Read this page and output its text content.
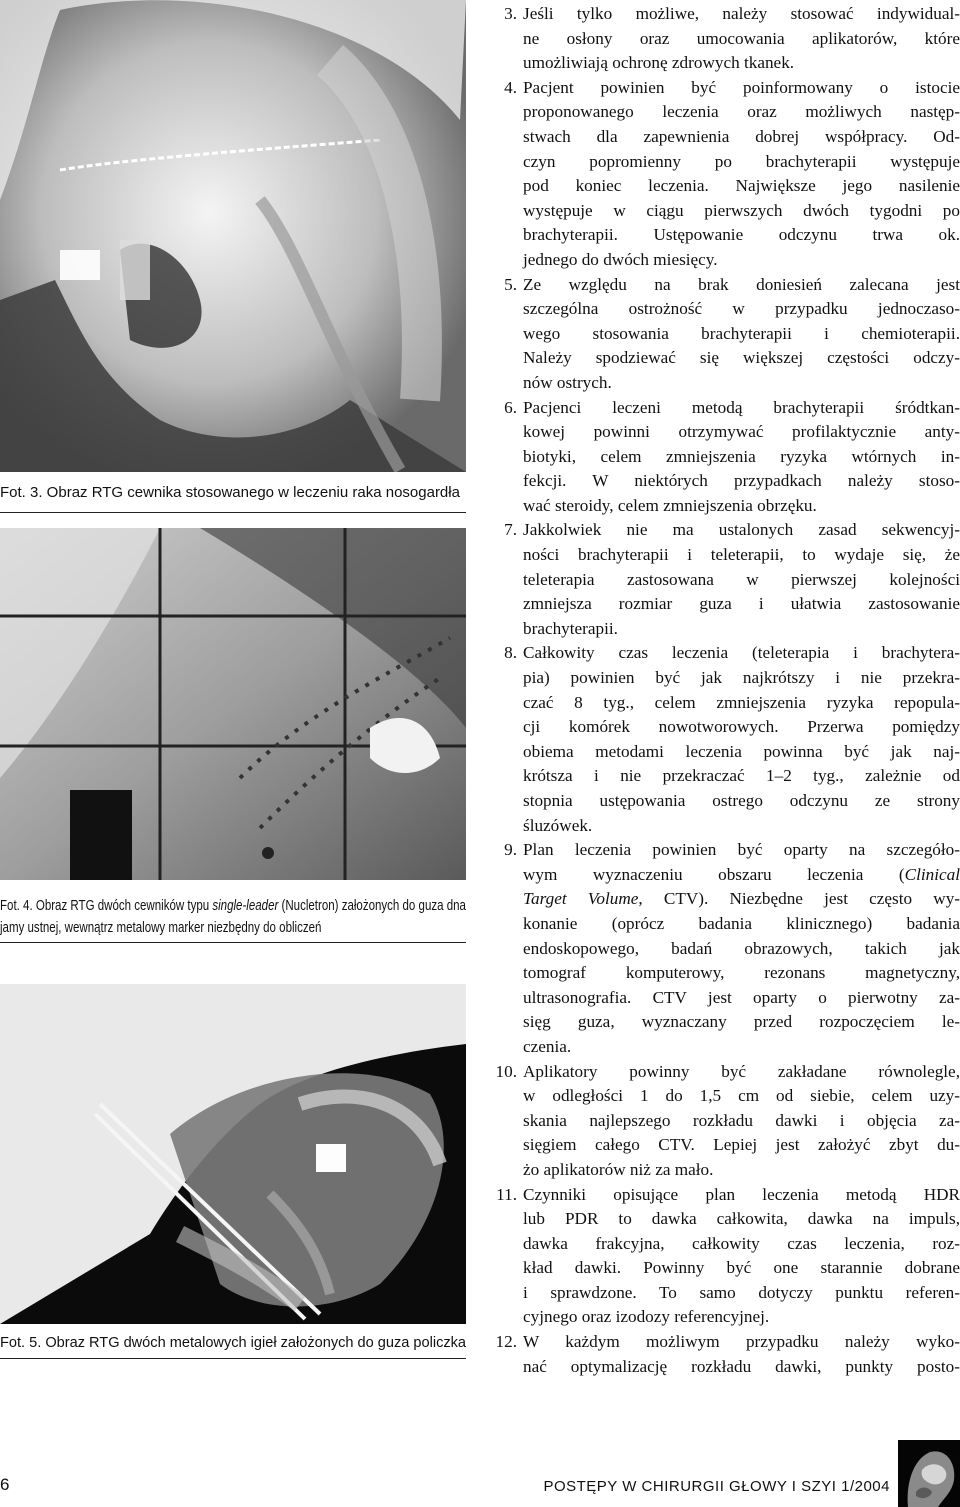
Fot. 3. Obraz RTG cewnika stosowanego w leczeniu raka nosogardła
Fot. 4. Obraz RTG dwóch cewników typu single-leader (Nucletron) założonych do guza dna
jamy ustnej, wewnątrz metalowy marker niezbędny do obliczeń
Fot. 5. Obraz RTG dwóch metalowych igieł założonych do guza policzka
3. Jeśli tylko możliwe, należy stosować indywidual-
ne osłony oraz umocowania aplikatorów, które
umożliwiają ochronę zdrowych tkanek.
4. Pacjent powinien być poinformowany o istocie
proponowanego leczenia oraz możliwych następ-
stwach dla zapewnienia dobrej współpracy. Od-
czyn popromienny po brachyterapii występuje
pod koniec leczenia. Największe jego nasilenie
występuje w ciągu pierwszych dwóch tygodni po
brachyterapii. Ustępowanie odczynu trwa ok.
jednego do dwóch miesięcy.
5. Ze względu na brak doniesień zalecana jest
szczególna ostrożność w przypadku jednoczaso-
wego stosowania brachyterapii i chemioterapii.
Należy spodziewać się większej częstości odczy-
nów ostrych.
6. Pacjenci leczeni metodą brachyterapii śródtkan-
kowej powinni otrzymywać profilaktycznie anty-
biotyki, celem zmniejszenia ryzyka wtórnych in-
fekcji. W niektórych przypadkach należy stoso-
wać steroidy, celem zmniejszenia obrzęku.
7. Jakkolwiek nie ma ustalonych zasad sekwencyj-
ności brachyterapii i teleterapii, to wydaje się, że
teleterapia zastosowana w pierwszej kolejności
zmniejsza rozmiar guza i ułatwia zastosowanie
brachyterapii.
8. Całkowity czas leczenia (teleterapia i brachytera-
pia) powinien być jak najkrótszy i nie przekra-
czać 8 tyg., celem zmniejszenia ryzyka repopula-
cji komórek nowotworowych. Przerwa pomiędzy
obiema metodami leczenia powinna być jak naj-
krótsza i nie przekraczać 1–2 tyg., zależnie od
stopnia ustępowania ostrego odczynu ze strony
śluzówek.
9. Plan leczenia powinien być oparty na szczegóło-
wym wyznaczeniu obszaru leczenia (Clinical
Target Volume, CTV). Niezbędne jest często wy-
konanie (oprócz badania klinicznego) badania
endoskopowego, badań obrazowych, takich jak
tomograf komputerowy, rezonans magnetyczny,
ultrasonografia. CTV jest oparty o pierwotny za-
sięg guza, wyznaczany przed rozpoczęciem le-
czenia.
10. Aplikatory powinny być zakładane równolegle,
w odległości 1 do 1,5 cm od siebie, celem uzy-
skania najlepszego rozkładu dawki i objęcia za-
sięgiem całego CTV. Lepiej jest założyć zbyt du-
żo aplikatorów niż za mało.
11. Czynniki opisujące plan leczenia metodą HDR
lub PDR to dawka całkowita, dawka na impuls,
dawka frakcyjna, całkowity czas leczenia, roz-
kład dawki. Powinny być one starannie dobrane
i sprawdzone. To samo dotyczy punktu referen-
cyjnego oraz izodozy referencyjnej.
12. W każdym możliwym przypadku należy wyko-
nać optymalizację rozkładu dawki, punkty posto-
6	POSTĘPY W CHIRURGII GŁOWY I SZYI 1/2004
